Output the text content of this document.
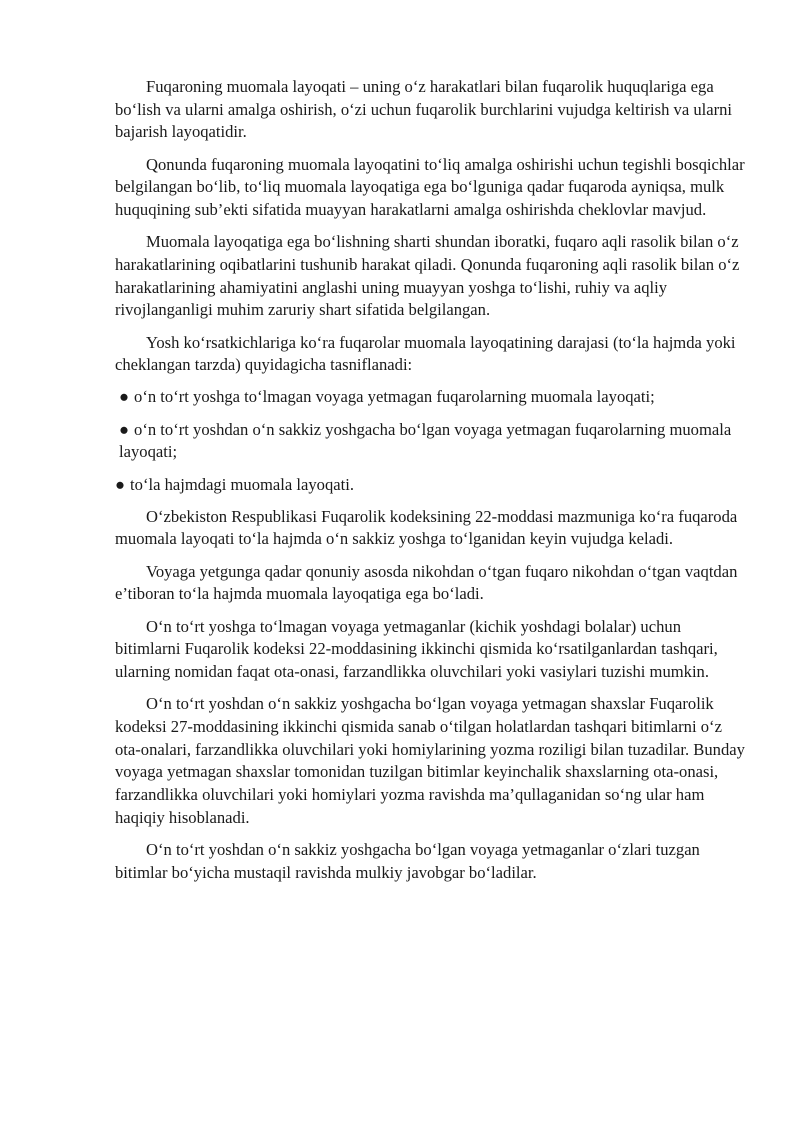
Fuqaroning muomala layoqati – uning o‘z harakatlari bilan fuqarolik huquqlariga ega bo‘lish va ularni amalga oshirish, o‘zi uchun fuqarolik burchlarini vujudga keltirish va ularni bajarish layoqatidir.

Qonunda fuqaroning muomala layoqatini to‘liq amalga oshirishi uchun tegishli bosqichlar belgilangan bo‘lib, to‘liq muomala layoqatiga ega bo‘lguniga qadar fuqaroda ayniqsa, mulk huquqining sub’ekti sifatida muayyan harakatlarni amalga oshirishda cheklovlar mavjud.

Muomala layoqatiga ega bo‘lishning sharti shundan iboratki, fuqaro aqli rasolik bilan o‘z harakatlarining oqibatlarini tushunib harakat qiladi. Qonunda fuqaroning aqli rasolik bilan o‘z harakatlarining ahamiyatini anglashi uning muayyan yoshga to‘lishi, ruhiy va aqliy rivojlanganligi muhim zaruriy shart sifatida belgilangan.

Yosh ko‘rsatkichlariga ko‘ra fuqarolar muomala layoqatining darajasi (to‘la hajmda yoki cheklangan tarzda) quyidagicha tasniflanadi:

● o‘n to‘rt yoshga to‘lmagan voyaga yetmagan fuqarolarning muomala layoqati;

● o‘n to‘rt yoshdan o‘n sakkiz yoshgacha bo‘lgan voyaga yetmagan fuqarolarning muomala layoqati;

● to‘la hajmdagi muomala layoqati.

O‘zbekiston Respublikasi Fuqarolik kodeksining 22-moddasi mazmuniga ko‘ra fuqaroda muomala layoqati to‘la hajmda o‘n sakkiz yoshga to‘lganidan keyin vujudga keladi.

Voyaga yetgunga qadar qonuniy asosda nikohdan o‘tgan fuqaro nikohdan o‘tgan vaqtdan e’tiboran to‘la hajmda muomala layoqatiga ega bo‘ladi.

O‘n to‘rt yoshga to‘lmagan voyaga yetmaganlar (kichik yoshdagi bolalar) uchun bitimlarni Fuqarolik kodeksi 22-moddasining ikkinchi qismida ko‘rsatilganlardan tashqari, ularning nomidan faqat ota-onasi, farzandlikka oluvchilari yoki vasiylari tuzishi mumkin.

O‘n to‘rt yoshdan o‘n sakkiz yoshgacha bo‘lgan voyaga yetmagan shaxslar Fuqarolik kodeksi 27-moddasining ikkinchi qismida sanab o‘tilgan holatlardan tashqari bitimlarni o‘z ota-onalari, farzandlikka oluvchilari yoki homiylarining yozma roziligi bilan tuzadilar. Bunday voyaga yetmagan shaxslar tomonidan tuzilgan bitimlar keyinchalik shaxslarning ota-onasi, farzandlikka oluvchilari yoki homiylari yozma ravishda ma’qullaganidan so‘ng ular ham haqiqiy hisoblanadi.

O‘n to‘rt yoshdan o‘n sakkiz yoshgacha bo‘lgan voyaga yetmaganlar o‘zlari tuzgan bitimlar bo‘yicha mustaqil ravishda mulkiy javobgar bo‘ladilar.
